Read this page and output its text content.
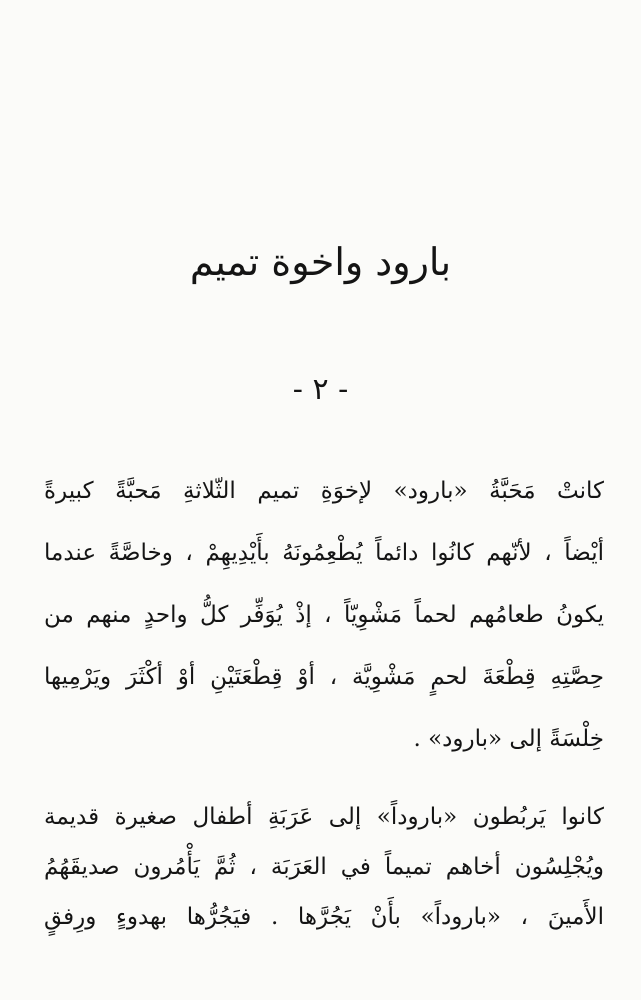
بارود واخوة تميم
- ٢ -

كانتْ مَحَبَّةُ «بارود» لإخوَةِ تميم الثّلاثةِ مَحبَّةً كبيرةً
أيْضاً ، لأنّهم كانُوا دائماً يُطْعِمُونَهُ بأَيْدِيهِمْ ، وخاصَّةً عندما
يكونُ طعامُهم لحماً مَشْوِيّاً ، إذْ يُوَفِّر كلُّ واحدٍ منهم من
حِصَّتِهِ قِطْعَةَ لحمٍ مَشْوِيَّة ، أوْ قِطْعَتَيْنِ أوْ أكْثَرَ ويَرْمِيها
خِلْسَةً إلى «بارود» .

كانوا يَربُطون «باروداً» إلى عَرَبَةِ أطفال صغيرة قديمة
ويُجْلِسُون أخاهم تميماً في العَرَبَة ، ثُمَّ يَأْمُرون صديقَهُمُ
الأَمينَ ، «باروداً» بأَنْ يَجُرَّها . فيَجُرُّها بهدوءٍ ورِفقٍ
